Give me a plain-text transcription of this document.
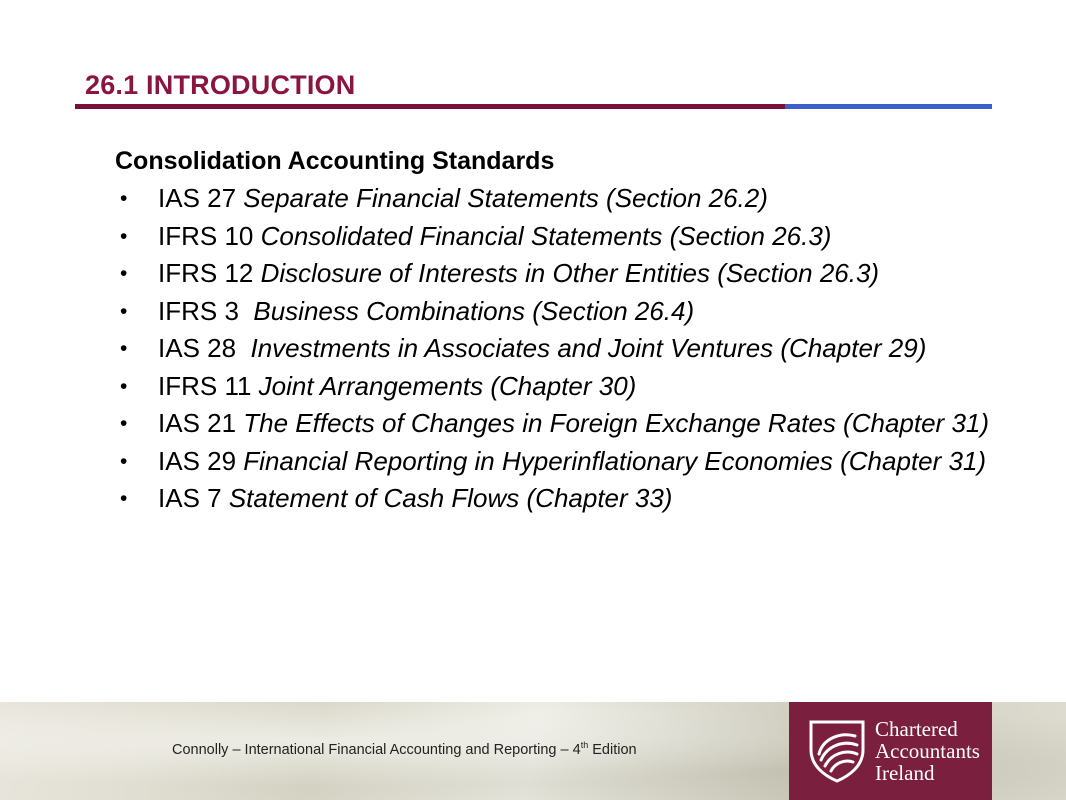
26.1 INTRODUCTION
Consolidation Accounting Standards
• IAS 27 Separate Financial Statements (Section 26.2)
• IFRS 10 Consolidated Financial Statements (Section 26.3)
• IFRS 12 Disclosure of Interests in Other Entities (Section 26.3)
• IFRS 3  Business Combinations (Section 26.4)
• IAS 28  Investments in Associates and Joint Ventures (Chapter 29)
• IFRS 11 Joint Arrangements (Chapter 30)
• IAS 21 The Effects of Changes in Foreign Exchange Rates (Chapter 31)
• IAS 29 Financial Reporting in Hyperinflationary Economies (Chapter 31)
• IAS 7 Statement of Cash Flows (Chapter 33)
Connolly – International Financial Accounting and Reporting – 4th Edition
Chartered
Accountants
Ireland
